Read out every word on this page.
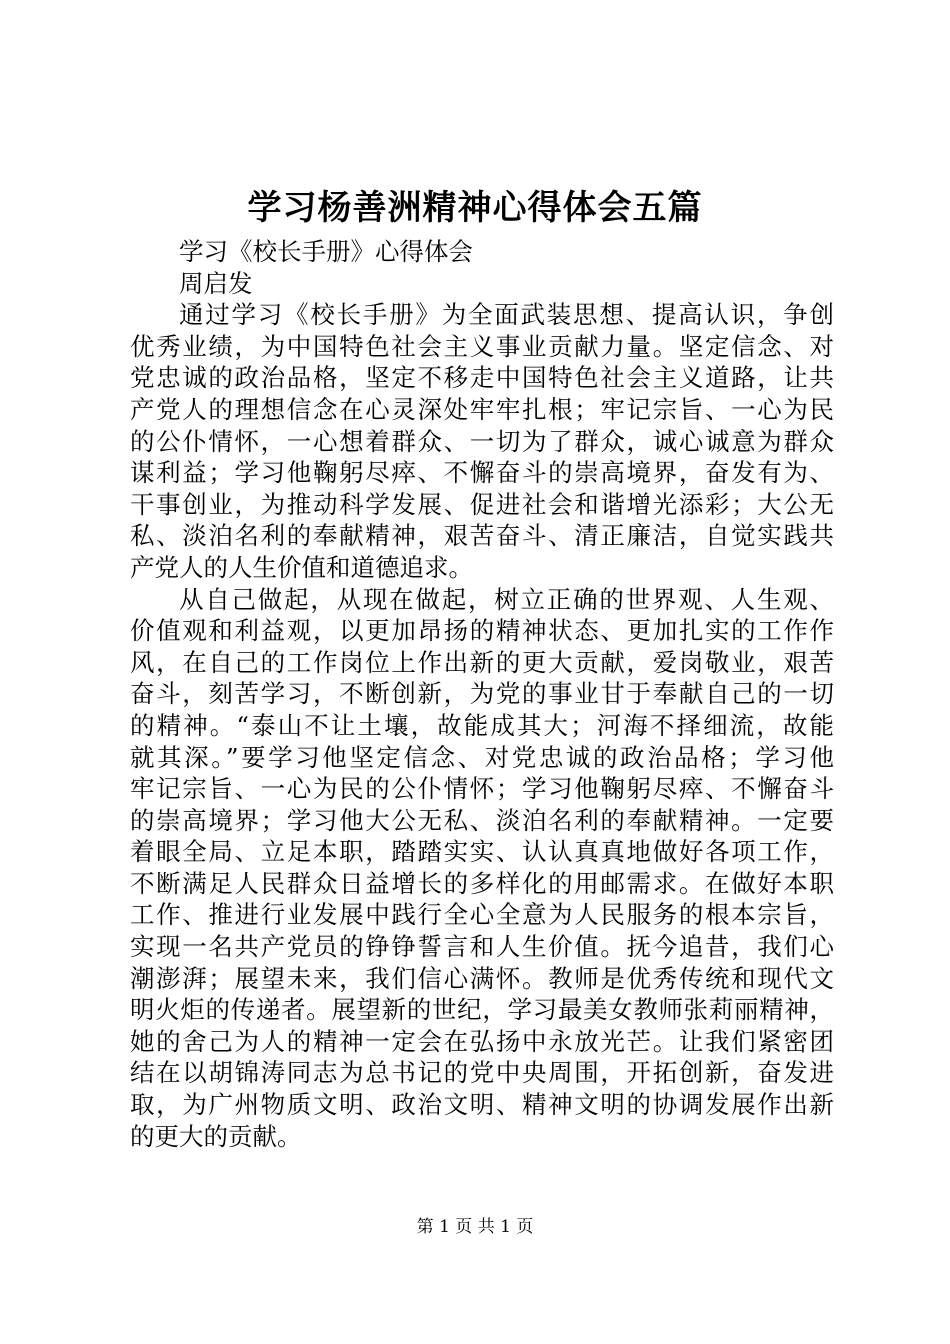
学习杨善洲精神心得体会五篇
学习《校长手册》心得体会
周启发
通过学习《校长手册》为全面武装思想、提高认识，争创
优秀业绩，为中国特色社会主义事业贡献力量。坚定信念、对
党忠诚的政治品格，坚定不移走中国特色社会主义道路，让共
产党人的理想信念在心灵深处牢牢扎根；牢记宗旨、一心为民
的公仆情怀，一心想着群众、一切为了群众，诚心诚意为群众
谋利益；学习他鞠躬尽瘁、不懈奋斗的崇高境界，奋发有为、
干事创业，为推动科学发展、促进社会和谐增光添彩；大公无
私、淡泊名利的奉献精神，艰苦奋斗、清正廉洁，自觉实践共
产党人的人生价值和道德追求。
从自己做起，从现在做起，树立正确的世界观、人生观、
价值观和利益观，以更加昂扬的精神状态、更加扎实的工作作
风，在自己的工作岗位上作出新的更大贡献，爱岗敬业，艰苦
奋斗，刻苦学习，不断创新，为党的事业甘于奉献自己的一切
的精神。“泰山不让土壤，故能成其大；河海不择细流，故能
就其深。”要学习他坚定信念、对党忠诚的政治品格；学习他
牢记宗旨、一心为民的公仆情怀；学习他鞠躬尽瘁、不懈奋斗
的崇高境界；学习他大公无私、淡泊名利的奉献精神。一定要
着眼全局、立足本职，踏踏实实、认认真真地做好各项工作，
不断满足人民群众日益增长的多样化的用邮需求。在做好本职
工作、推进行业发展中践行全心全意为人民服务的根本宗旨，
实现一名共产党员的铮铮誓言和人生价值。抚今追昔，我们心
潮澎湃；展望未来，我们信心满怀。教师是优秀传统和现代文
明火炬的传递者。展望新的世纪，学习最美女教师张莉丽精神，
她的舍己为人的精神一定会在弘扬中永放光芒。让我们紧密团
结在以胡锦涛同志为总书记的党中央周围，开拓创新，奋发进
取，为广州物质文明、政治文明、精神文明的协调发展作出新
的更大的贡献。
第 1 页 共 1 页
